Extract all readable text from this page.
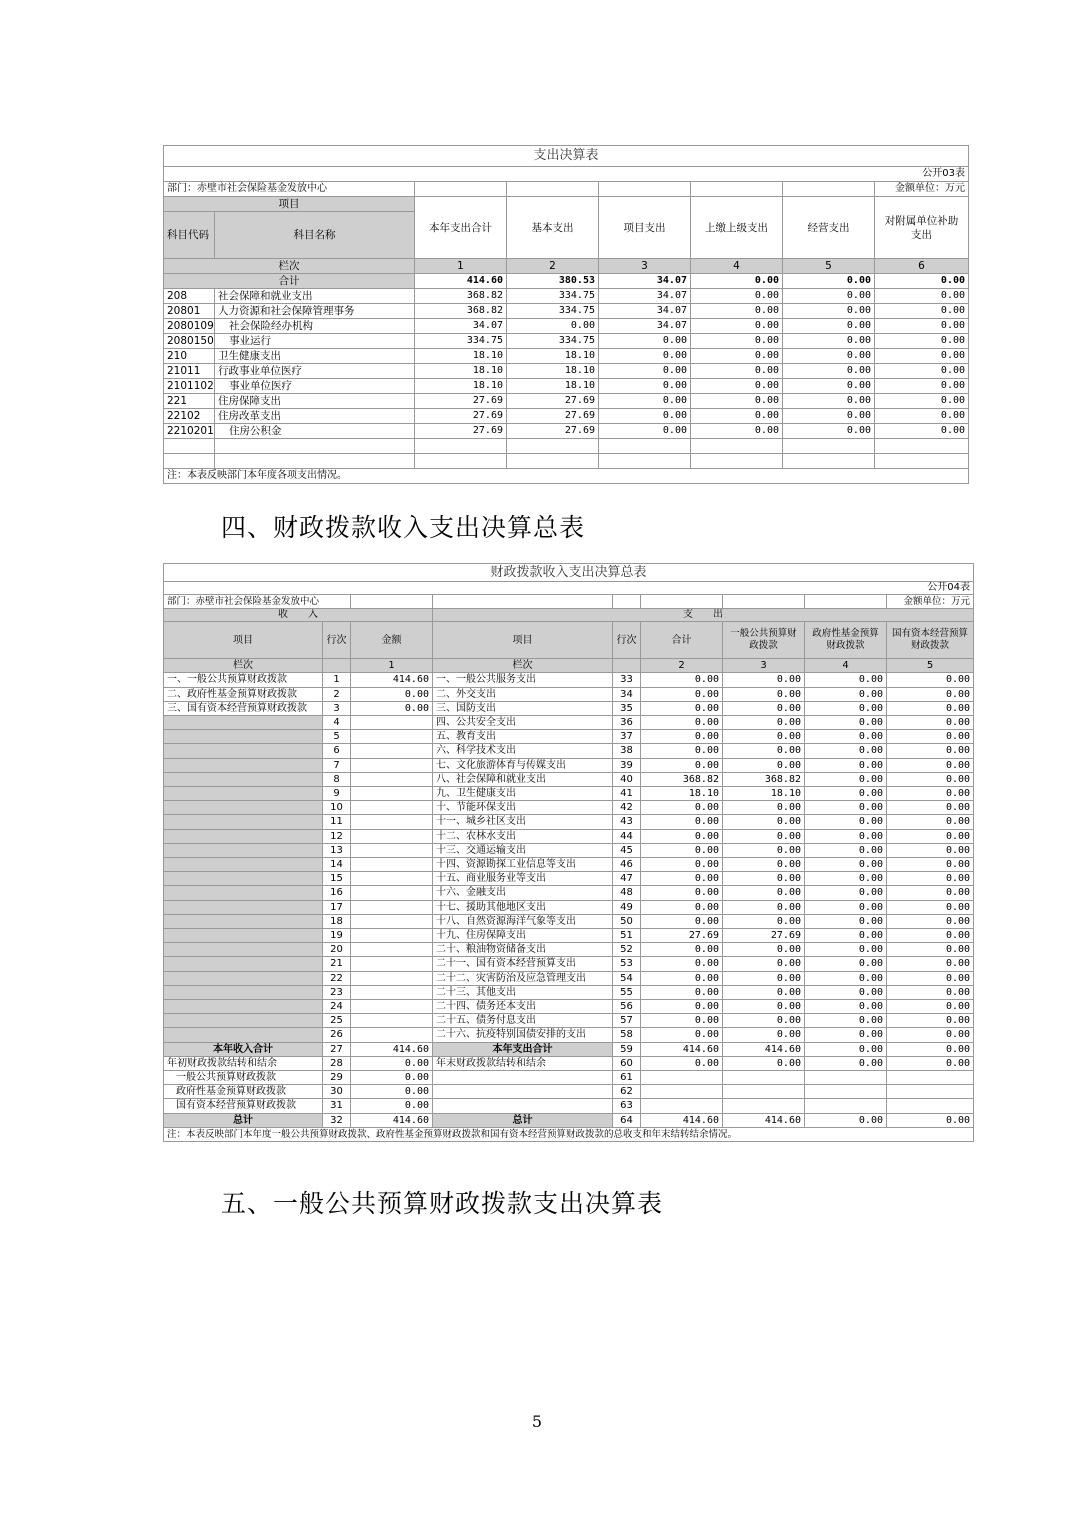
支出决算表							
							公开03表
部门：赤壁市社会保险基金发放中心							金额单位：万元
项目		本年支出合计	基本支出	项目支出	上缴上级支出	经营支出	对附属单位补助支出
科目代码	科目名称						
栏次		1	2	3	4	5	6
合计		414.60	380.53	34.07	0.00	0.00	0.00
208	社会保障和就业支出	368.82	334.75	34.07	0.00	0.00	0.00
20801	人力资源和社会保障管理事务	368.82	334.75	34.07	0.00	0.00	0.00
2080109	社会保险经办机构	34.07	0.00	34.07	0.00	0.00	0.00
2080150	事业运行	334.75	334.75	0.00	0.00	0.00	0.00
210	卫生健康支出	18.10	18.10	0.00	0.00	0.00	0.00
21011	行政事业单位医疗	18.10	18.10	0.00	0.00	0.00	0.00
2101102	事业单位医疗	18.10	18.10	0.00	0.00	0.00	0.00
221	住房保障支出	27.69	27.69	0.00	0.00	0.00	0.00
22102	住房改革支出	27.69	27.69	0.00	0.00	0.00	0.00
2210201	住房公积金	27.69	27.69	0.00	0.00	0.00	0.00

注：本表反映部门本年度各项支出情况。							
四、财政拨款收入支出决算总表
财政拨款收入支出决算总表								
								公开04表
部门：赤壁市社会保险基金发放中心								金额单位：万元
收　　入			支　　出					
项目	行次	金额	项目	行次	合计	一般公共预算财政拨款	政府性基金预算财政拨款	国有资本经营预算财政拨款
栏次		1	栏次		2	3	4	5
一、一般公共预算财政拨款	1	414.60	一、一般公共服务支出	33	0.00	0.00	0.00	0.00
二、政府性基金预算财政拨款	2	0.00	二、外交支出	34	0.00	0.00	0.00	0.00
三、国有资本经营预算财政拨款	3	0.00	三、国防支出	35	0.00	0.00	0.00	0.00
	4		四、公共安全支出	36	0.00	0.00	0.00	0.00
	5		五、教育支出	37	0.00	0.00	0.00	0.00
	6		六、科学技术支出	38	0.00	0.00	0.00	0.00
	7		七、文化旅游体育与传媒支出	39	0.00	0.00	0.00	0.00
	8		八、社会保障和就业支出	40	368.82	368.82	0.00	0.00
	9		九、卫生健康支出	41	18.10	18.10	0.00	0.00
	10		十、节能环保支出	42	0.00	0.00	0.00	0.00
	11		十一、城乡社区支出	43	0.00	0.00	0.00	0.00
	12		十二、农林水支出	44	0.00	0.00	0.00	0.00
	13		十三、交通运输支出	45	0.00	0.00	0.00	0.00
	14		十四、资源勘探工业信息等支出	46	0.00	0.00	0.00	0.00
	15		十五、商业服务业等支出	47	0.00	0.00	0.00	0.00
	16		十六、金融支出	48	0.00	0.00	0.00	0.00
	17		十七、援助其他地区支出	49	0.00	0.00	0.00	0.00
	18		十八、自然资源海洋气象等支出	50	0.00	0.00	0.00	0.00
	19		十九、住房保障支出	51	27.69	27.69	0.00	0.00
	20		二十、粮油物资储备支出	52	0.00	0.00	0.00	0.00
	21		二十一、国有资本经营预算支出	53	0.00	0.00	0.00	0.00
	22		二十二、灾害防治及应急管理支出	54	0.00	0.00	0.00	0.00
	23		二十三、其他支出	55	0.00	0.00	0.00	0.00
	24		二十四、债务还本支出	56	0.00	0.00	0.00	0.00
	25		二十五、债务付息支出	57	0.00	0.00	0.00	0.00
	26		二十六、抗疫特别国债安排的支出	58	0.00	0.00	0.00	0.00
本年收入合计	27	414.60	本年支出合计	59	414.60	414.60	0.00	0.00
年初财政拨款结转和结余	28	0.00	年末财政拨款结转和结余	60	0.00	0.00	0.00	0.00
一般公共预算财政拨款	29	0.00		61				
政府性基金预算财政拨款	30	0.00		62				
国有资本经营预算财政拨款	31	0.00		63				
总计	32	414.60	总计	64	414.60	414.60	0.00	0.00
注：本表反映部门本年度一般公共预算财政拨款、政府性基金预算财政拨款和国有资本经营预算财政拨款的总收支和年末结转结余情况。								
五、一般公共预算财政拨款支出决算表
5
